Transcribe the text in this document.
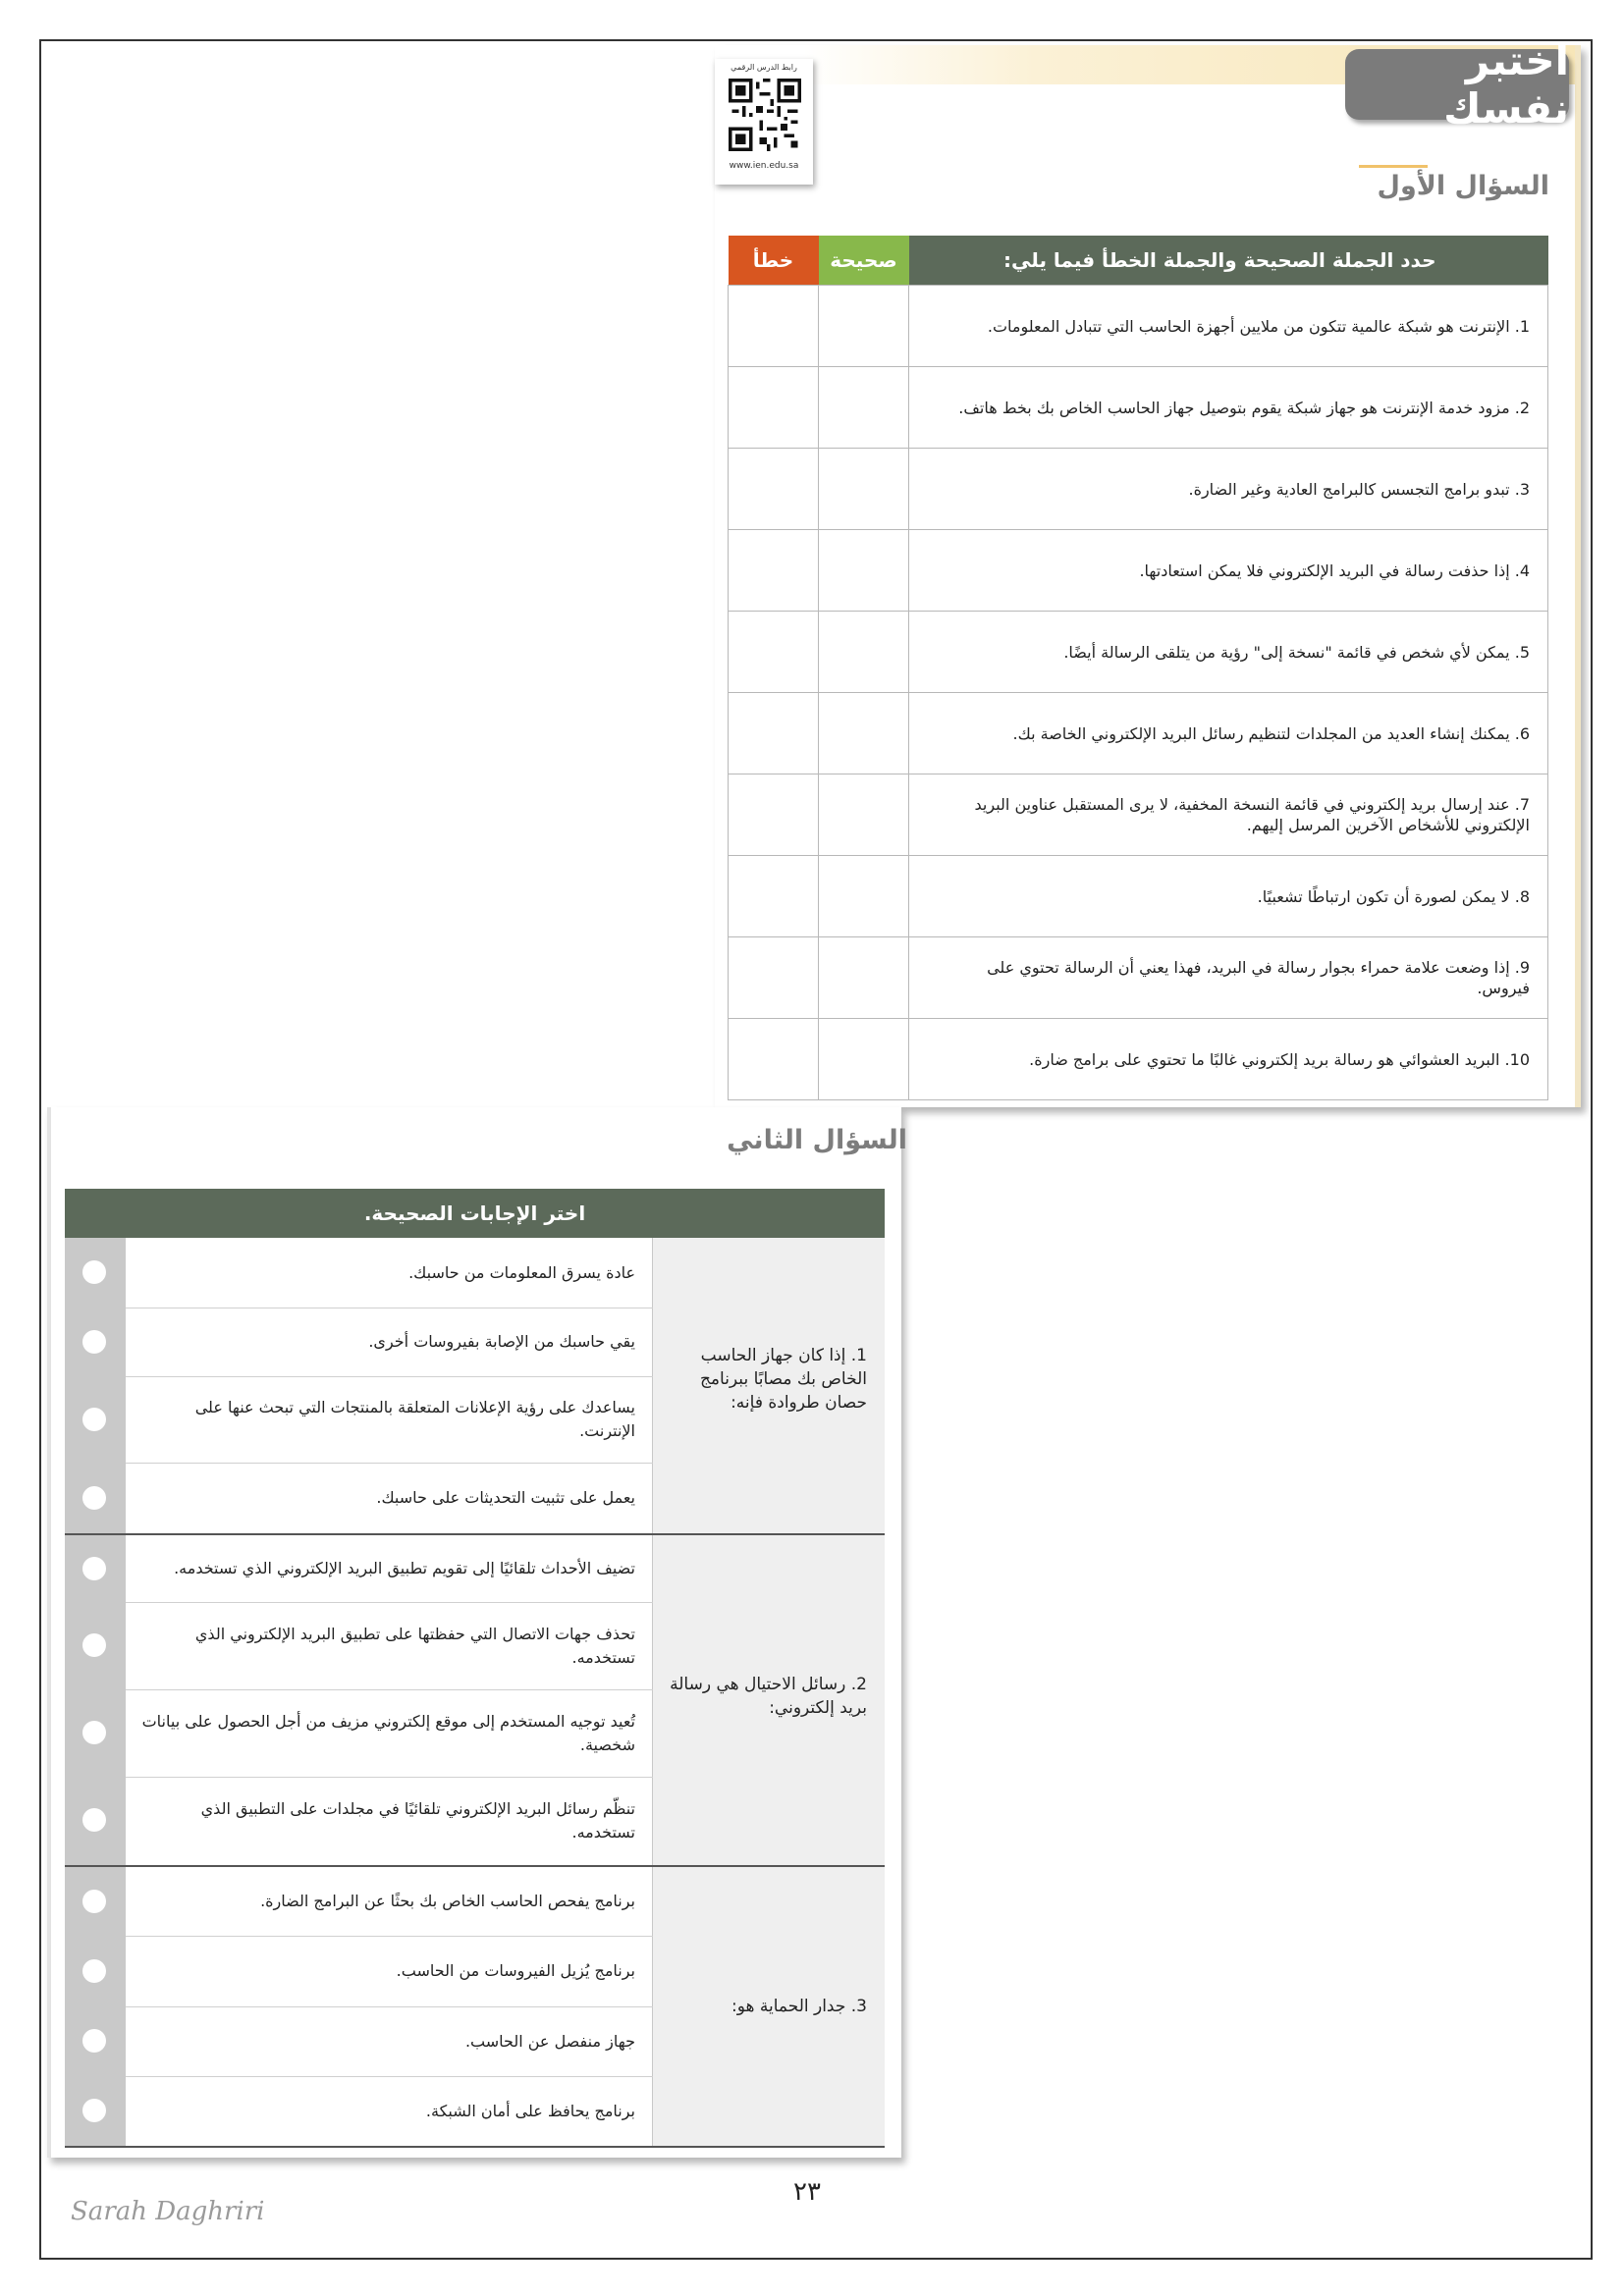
رابط الدرس الرقمي
www.ien.edu.sa
اختبر نفسك
السؤال الأول
خطأ	صحيحة	حدد الجملة الصحيحة والجملة الخطأ فيما يلي:
		1. الإنترنت هو شبكة عالمية تتكون من ملايين أجهزة الحاسب التي تتبادل المعلومات.
		2. مزود خدمة الإنترنت هو جهاز شبكة يقوم بتوصيل جهاز الحاسب الخاص بك بخط هاتف.
		3. تبدو برامج التجسس كالبرامج العادية وغير الضارة.
		4. إذا حذفت رسالة في البريد الإلكتروني فلا يمكن استعادتها.
		5. يمكن لأي شخص في قائمة "نسخة إلى" رؤية من يتلقى الرسالة أيضًا.
		6. يمكنك إنشاء العديد من المجلدات لتنظيم رسائل البريد الإلكتروني الخاصة بك.
		7. عند إرسال بريد إلكتروني في قائمة النسخة المخفية، لا يرى المستقبل عناوين البريد الإلكتروني للأشخاص الآخرين المرسل إليهم.
		8. لا يمكن لصورة أن تكون ارتباطًا تشعبيًا.
		9. إذا وضعت علامة حمراء بجوار رسالة في البريد، فهذا يعني أن الرسالة تحتوي على فيروس.
		10. البريد العشوائي هو رسالة بريد إلكتروني غالبًا ما تحتوي على برامج ضارة.
السؤال الثاني
اختر الإجابات الصحيحة.
1. إذا كان جهاز الحاسب الخاص بك مصابًا ببرنامج حصان طروادة فإنه:
عادة يسرق المعلومات من حاسبك.
يقي حاسبك من الإصابة بفيروسات أخرى.
يساعدك على رؤية الإعلانات المتعلقة بالمنتجات التي تبحث عنها على الإنترنت.
يعمل على تثبيت التحديثات على حاسبك.
2. رسائل الاحتيال هي رسالة بريد إلكتروني:
تضيف الأحداث تلقائيًا إلى تقويم تطبيق البريد الإلكتروني الذي تستخدمه.
تحذف جهات الاتصال التي حفظتها على تطبيق البريد الإلكتروني الذي تستخدمه.
تُعيد توجيه المستخدم إلى موقع إلكتروني مزيف من أجل الحصول على بيانات شخصية.
تنظّم رسائل البريد الإلكتروني تلقائيًا في مجلدات على التطبيق الذي تستخدمه.
3. جدار الحماية هو:
برنامج يفحص الحاسب الخاص بك بحثًا عن البرامج الضارة.
برنامج يُزيل الفيروسات من الحاسب.
جهاز منفصل عن الحاسب.
برنامج يحافظ على أمان الشبكة.
٢٣
Sarah Daghriri
